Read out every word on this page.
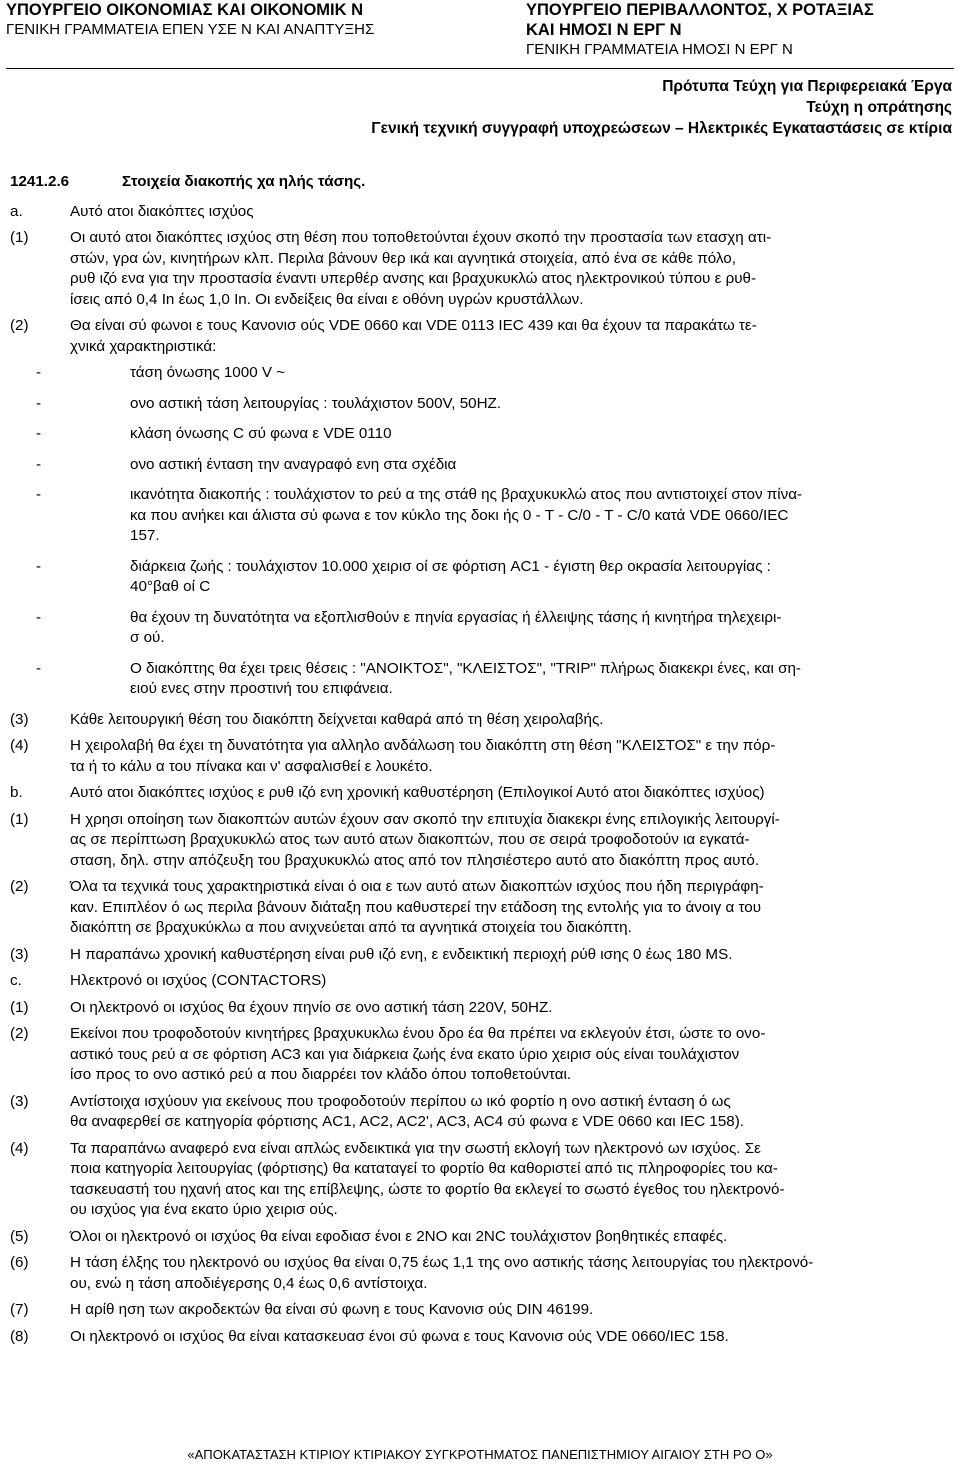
ΥΠΟΥΡΓΕΙΟ ΟΙΚΟΝΟΜΙΑΣ ΚΑΙ ΟΙΚΟΝΟΜΙΚ Ν
ΓΕΝΙΚΗ ΓΡΑΜΜΑΤΕΙΑ ΕΠΕΝ ΥΣΕ Ν ΚΑΙ ΑΝΑΠΤΥΞΗΣ
ΥΠΟΥΡΓΕΙΟ ΠΕΡΙΒΑΛΛΟΝΤΟΣ, Χ ΡΟΤΑΞΙΑΣ
ΚΑΙ ΗΜΟΣΙ Ν ΕΡΓ Ν
ΓΕΝΙΚΗ ΓΡΑΜΜΑΤΕΙΑ ΗΜΟΣΙ Ν ΕΡΓ Ν
Πρότυπα Τεύχη για Περιφερειακά Έργα
Τεύχη η οπράτησης
Γενική τεχνική συγγραφή υποχρεώσεων – Ηλεκτρικές Εγκαταστάσεις σε κτίρια
1241.2.6	Στοιχεία διακοπής χα ηλής τάσης.
a.	Αυτό ατοι διακόπτες ισχύος
(1)	Οι αυτό ατοι διακόπτες ισχύος στη θέση που τοποθετούνται έχουν σκοπό την προστασία των ετασχη ατι-
στών, γρα ών, κινητήρων κλπ. Περιλα βάνουν θερ ικά και αγνητικά στοιχεία, από ένα σε κάθε πόλο,
ρυθ ιζό ενα για την προστασία έναντι υπερθέρ ανσης και βραχυκυκλώ ατος ηλεκτρονικού τύπου ε ρυθ-
ίσεις από 0,4 In έως 1,0 In. Οι ενδείξεις θα είναι ε οθόνη υγρών κρυστάλλων.
(2)	Θα είναι σύ φωνοι ε τους Κανονισ ούς VDE 0660 και VDE 0113 IEC 439 και θα έχουν τα παρακάτω τε-
χνικά χαρακτηριστικά:
-	τάση όνωσης 1000 V ~
-	ονο αστική τάση λειτουργίας : τουλάχιστον 500V, 50HZ.
-	κλάση όνωσης C σύ φωνα ε VDE 0110
-	ονο αστική ένταση την αναγραφό ενη στα σχέδια
-	ικανότητα διακοπής : τουλάχιστον το ρεύ α της στάθ ης βραχυκυκλώ ατος που αντιστοιχεί στον πίνα-
κα που ανήκει και άλιστα σύ φωνα ε τον κύκλο της δοκι ής 0 - T - C/0 - T - C/0 κατά VDE 0660/IEC
157.
-	διάρκεια ζωής : τουλάχιστον 10.000 χειρισ οί σε φόρτιση AC1 - έγιστη θερ οκρασία λειτουργίας :
40°βαθ οί C
-	θα έχουν τη δυνατότητα να εξοπλισθούν ε πηνία εργασίας ή έλλειψης τάσης ή κινητήρα τηλεχειρι-
σ ού.
-	Ο διακόπτης θα έχει τρεις θέσεις : "ΑΝΟΙΚΤΟΣ", "ΚΛΕΙΣΤΟΣ", "TRIP" πλήρως διακεκρι ένες, και ση-
ειού ενες στην προστινή του επιφάνεια.
(3)	Κάθε λειτουργική θέση του διακόπτη δείχνεται καθαρά από τη θέση χειρολαβής.
(4)	Η χειρολαβή θα έχει τη δυνατότητα για αλληλο ανδάλωση του διακόπτη στη θέση "ΚΛΕΙΣΤΟΣ" ε την πόρ-
τα ή το κάλυ α του πίνακα και ν' ασφαλισθεί ε λουκέτο.
b.	Αυτό ατοι διακόπτες ισχύος ε ρυθ ιζό ενη χρονική καθυστέρηση (Επιλογικοί Αυτό ατοι διακόπτες ισχύος)
(1)	Η χρησι οποίηση των διακοπτών αυτών έχουν σαν σκοπό την επιτυχία διακεκρι ένης επιλογικής λειτουργί-
ας σε περίπτωση βραχυκυκλώ ατος των αυτό ατων διακοπτών, που σε σειρά τροφοδοτούν ια εγκατά-
σταση, δηλ. στην απόζευξη του βραχυκυκλώ ατος από τον πλησιέστερο αυτό ατο διακόπτη προς αυτό.
(2)	Όλα τα τεχνικά τους χαρακτηριστικά είναι ό οια ε των αυτό ατων διακοπτών ισχύος που ήδη περιγράφη-
καν. Επιπλέον ό ως περιλα βάνουν διάταξη που καθυστερεί την ετάδοση της εντολής για το άνοιγ α του
διακόπτη σε βραχυκύκλω α που ανιχνεύεται από τα αγνητικά στοιχεία του διακόπτη.
(3)	Η παραπάνω χρονική καθυστέρηση είναι ρυθ ιζό ενη, ε ενδεικτική περιοχή ρύθ ισης 0 έως 180 MS.
c.	Ηλεκτρονό οι ισχύος (CONTACTORS)
(1)	Οι ηλεκτρονό οι ισχύος θα έχουν πηνίο σε ονο αστική τάση 220V, 50HZ.
(2)	Εκείνοι που τροφοδοτούν κινητήρες βραχυκυκλω ένου δρο έα θα πρέπει να εκλεγούν έτσι, ώστε το ονο-
αστικό τους ρεύ α σε φόρτιση AC3 και για διάρκεια ζωής ένα εκατο ύριο χειρισ ούς είναι τουλάχιστον
ίσο προς το ονο αστικό ρεύ α που διαρρέει τον κλάδο όπου τοποθετούνται.
(3)	Αντίστοιχα ισχύουν για εκείνους που τροφοδοτούν περίπου ω ικό φορτίο η ονο αστική ένταση ό ως
θα αναφερθεί σε κατηγορία φόρτισης AC1, AC2, AC2', AC3, AC4 σύ φωνα ε VDE 0660 και IEC 158).
(4)	Τα παραπάνω αναφερό ενα είναι απλώς ενδεικτικά για την σωστή εκλογή των ηλεκτρονό ων ισχύος. Σε
ποια κατηγορία λειτουργίας (φόρτισης) θα καταταγεί το φορτίο θα καθοριστεί από τις πληροφορίες του κα-
τασκευαστή του ηχανή ατος και της επίβλεψης, ώστε το φορτίο θα εκλεγεί το σωστό έγεθος του ηλεκτρονό-
ου ισχύος για ένα εκατο ύριο χειρισ ούς.
(5)	Όλοι οι ηλεκτρονό οι ισχύος θα είναι εφοδιασ ένοι ε 2NO και 2NC τουλάχιστον βοηθητικές επαφές.
(6)	Η τάση έλξης του ηλεκτρονό ου ισχύος θα είναι 0,75 έως 1,1 της ονο αστικής τάσης λειτουργίας του ηλεκτρονό-
ου, ενώ η τάση αποδιέγερσης 0,4 έως 0,6 αντίστοιχα.
(7)	Η αρίθ ηση των ακροδεκτών θα είναι σύ φωνη ε τους Κανονισ ούς DIN 46199.
(8)	Οι ηλεκτρονό οι ισχύος θα είναι κατασκευασ ένοι σύ φωνα ε τους Κανονισ ούς VDE 0660/IEC 158.
«ΑΠΟΚΑΤΑΣΤΑΣΗ ΚΤΙΡΙΟΥ ΚΤΙΡΙΑΚΟΥ ΣΥΓΚΡΟΤΗΜΑΤΟΣ ΠΑΝΕΠΙΣΤΗΜΙΟΥ ΑΙΓΑΙΟΥ ΣΤΗ ΡΟ Ο»
